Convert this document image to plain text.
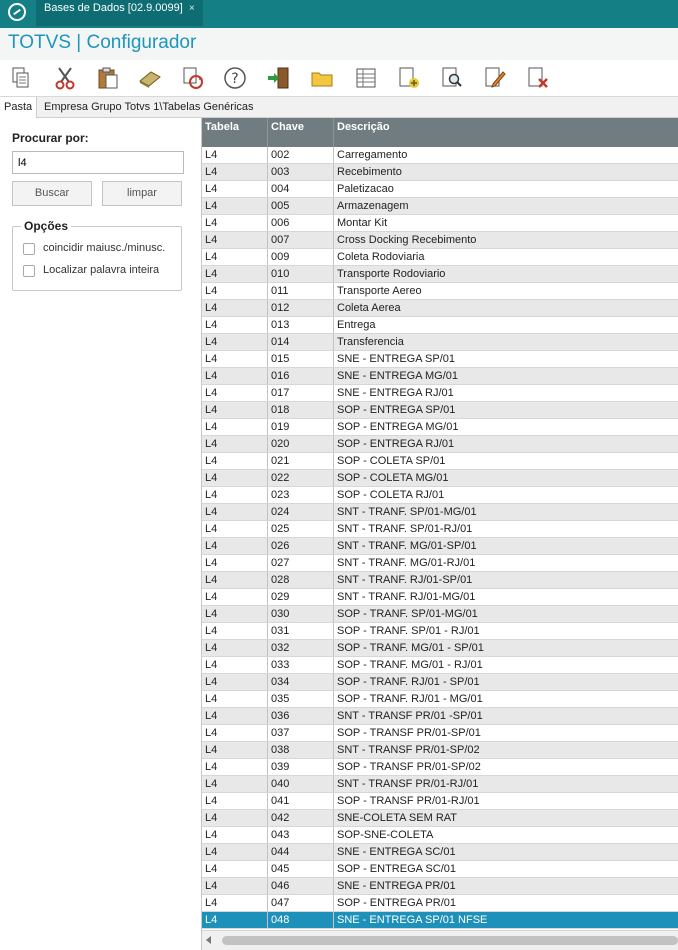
Bases de Dados [02.9.0099] ×
TOTVS | Configurador
?
Pasta	Empresa Grupo Totvs 1\Tabelas Genéricas
Procurar por:
l4
Buscar	limpar
Opções
coincidir maiusc./minusc.
Localizar palavra inteira
Tabela	Chave	Descrição
L4	002	Carregamento
L4	003	Recebimento
L4	004	Paletizacao
L4	005	Armazenagem
L4	006	Montar Kit
L4	007	Cross Docking Recebimento
L4	009	Coleta Rodoviaria
L4	010	Transporte Rodoviario
L4	011	Transporte Aereo
L4	012	Coleta Aerea
L4	013	Entrega
L4	014	Transferencia
L4	015	SNE - ENTREGA SP/01
L4	016	SNE - ENTREGA MG/01
L4	017	SNE - ENTREGA RJ/01
L4	018	SOP - ENTREGA SP/01
L4	019	SOP - ENTREGA MG/01
L4	020	SOP - ENTREGA RJ/01
L4	021	SOP - COLETA SP/01
L4	022	SOP - COLETA MG/01
L4	023	SOP - COLETA RJ/01
L4	024	SNT - TRANF. SP/01-MG/01
L4	025	SNT - TRANF. SP/01-RJ/01
L4	026	SNT - TRANF. MG/01-SP/01
L4	027	SNT - TRANF. MG/01-RJ/01
L4	028	SNT - TRANF. RJ/01-SP/01
L4	029	SNT - TRANF. RJ/01-MG/01
L4	030	SOP - TRANF. SP/01-MG/01
L4	031	SOP - TRANF. SP/01 - RJ/01
L4	032	SOP - TRANF. MG/01 - SP/01
L4	033	SOP - TRANF. MG/01 - RJ/01
L4	034	SOP - TRANF. RJ/01 - SP/01
L4	035	SOP - TRANF. RJ/01 - MG/01
L4	036	SNT - TRANSF PR/01 -SP/01
L4	037	SOP - TRANSF PR/01-SP/01
L4	038	SNT - TRANSF PR/01-SP/02
L4	039	SOP - TRANSF PR/01-SP/02
L4	040	SNT - TRANSF PR/01-RJ/01
L4	041	SOP - TRANSF PR/01-RJ/01
L4	042	SNE-COLETA SEM RAT
L4	043	SOP-SNE-COLETA
L4	044	SNE - ENTREGA SC/01
L4	045	SOP - ENTREGA SC/01
L4	046	SNE - ENTREGA PR/01
L4	047	SOP - ENTREGA PR/01
L4	048	SNE - ENTREGA SP/01 NFSE
